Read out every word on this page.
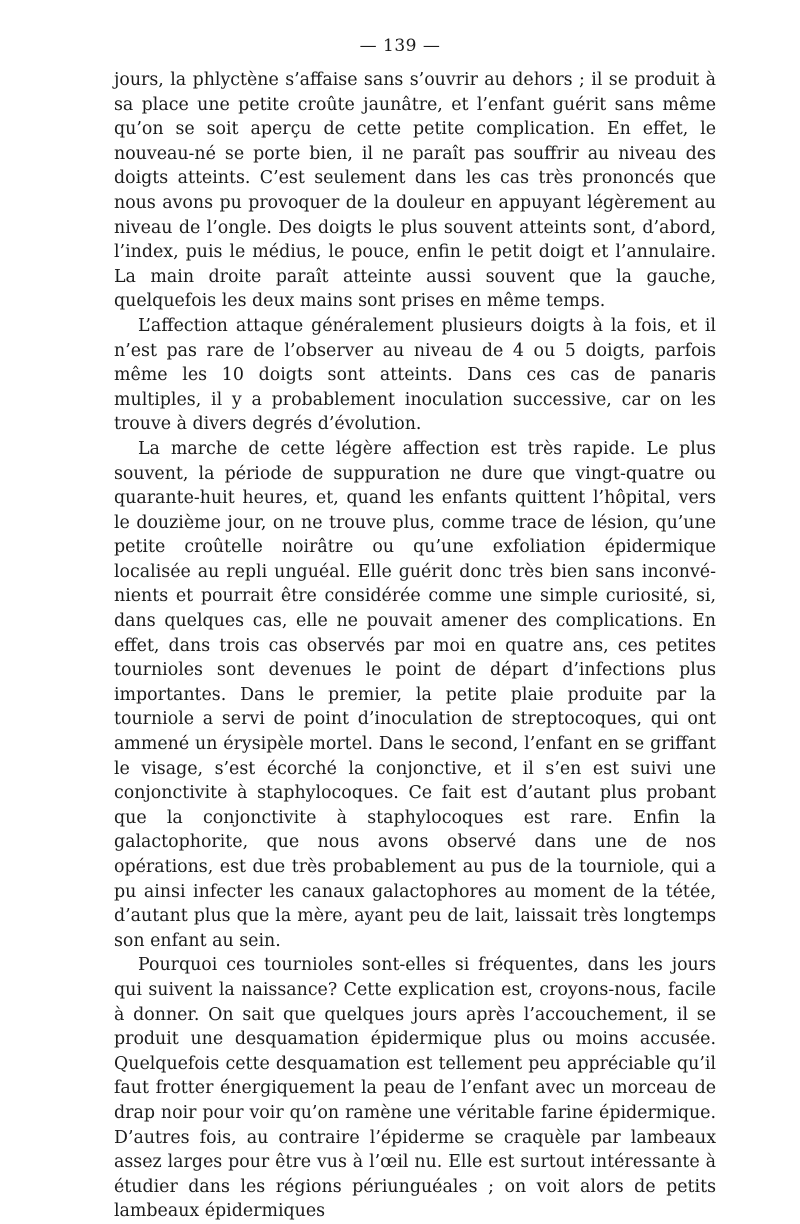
— 139 —

jours, la phlyctène s’affaise sans s’ouvrir au dehors ; il se produit à sa place une petite croûte jaunâtre, et l’enfant guérit sans même qu’on se soit aperçu de cette petite complication. En effet, le nouveau-né se porte bien, il ne paraît pas souffrir au niveau des doigts atteints. C’est seulement dans les cas très prononcés que nous avons pu provoquer de la douleur en appuyant légèrement au niveau de l’ongle. Des doigts le plus souvent atteints sont, d’abord, l’index, puis le médius, le pouce, enfin le petit doigt et l’annulaire. La main droite paraît atteinte aussi souvent que la gauche, quelquefois les deux mains sont prises en même temps.

L’affection attaque généralement plusieurs doigts à la fois, et il n’est pas rare de l’observer au niveau de 4 ou 5 doigts, parfois même les 10 doigts sont atteints. Dans ces cas de panaris multiples, il y a probablement inoculation successive, car on les trouve à divers degrés d’évolution.

La marche de cette légère affection est très rapide. Le plus souvent, la période de suppuration ne dure que vingt-quatre ou quarante-huit heures, et, quand les enfants quittent l’hôpital, vers le douzième jour, on ne trouve plus, comme trace de lésion, qu’une petite croûtelle noirâtre ou qu’une exfoliation épidermique localisée au repli unguéal. Elle guérit donc très bien sans inconvénients et pourrait être considérée comme une simple curiosité, si, dans quelques cas, elle ne pouvait amener des complications. En effet, dans trois cas observés par moi en quatre ans, ces petites tournioles sont devenues le point de départ d’infections plus importantes. Dans le premier, la petite plaie produite par la tourniole a servi de point d’inoculation de streptocoques, qui ont ammené un érysipèle mortel. Dans le second, l’enfant en se griffant le visage, s’est écorché la conjonctive, et il s’en est suivi une conjonctivite à staphylocoques. Ce fait est d’autant plus probant que la conjonctivite à staphylocoques est rare. Enfin la galactophorite, que nous avons observé dans une de nos opérations, est due très probablement au pus de la tourniole, qui a pu ainsi infecter les canaux galactophores au moment de la tétée, d’autant plus que la mère, ayant peu de lait, laissait très longtemps son enfant au sein.

Pourquoi ces tournioles sont-elles si fréquentes, dans les jours qui suivent la naissance? Cette explication est, croyons-nous, facile à donner. On sait que quelques jours après l’accouchement, il se produit une desquamation épidermique plus ou moins accusée. Quelquefois cette desquamation est tellement peu appréciable qu’il faut frotter énergiquement la peau de l’enfant avec un morceau de drap noir pour voir qu’on ramène une véritable farine épidermique. D’autres fois, au contraire l’épiderme se craquèle par lambeaux assez larges pour être vus à l’œil nu. Elle est surtout intéressante à étudier dans les régions périunguéales ; on voit alors de petits lambeaux épidermiques
